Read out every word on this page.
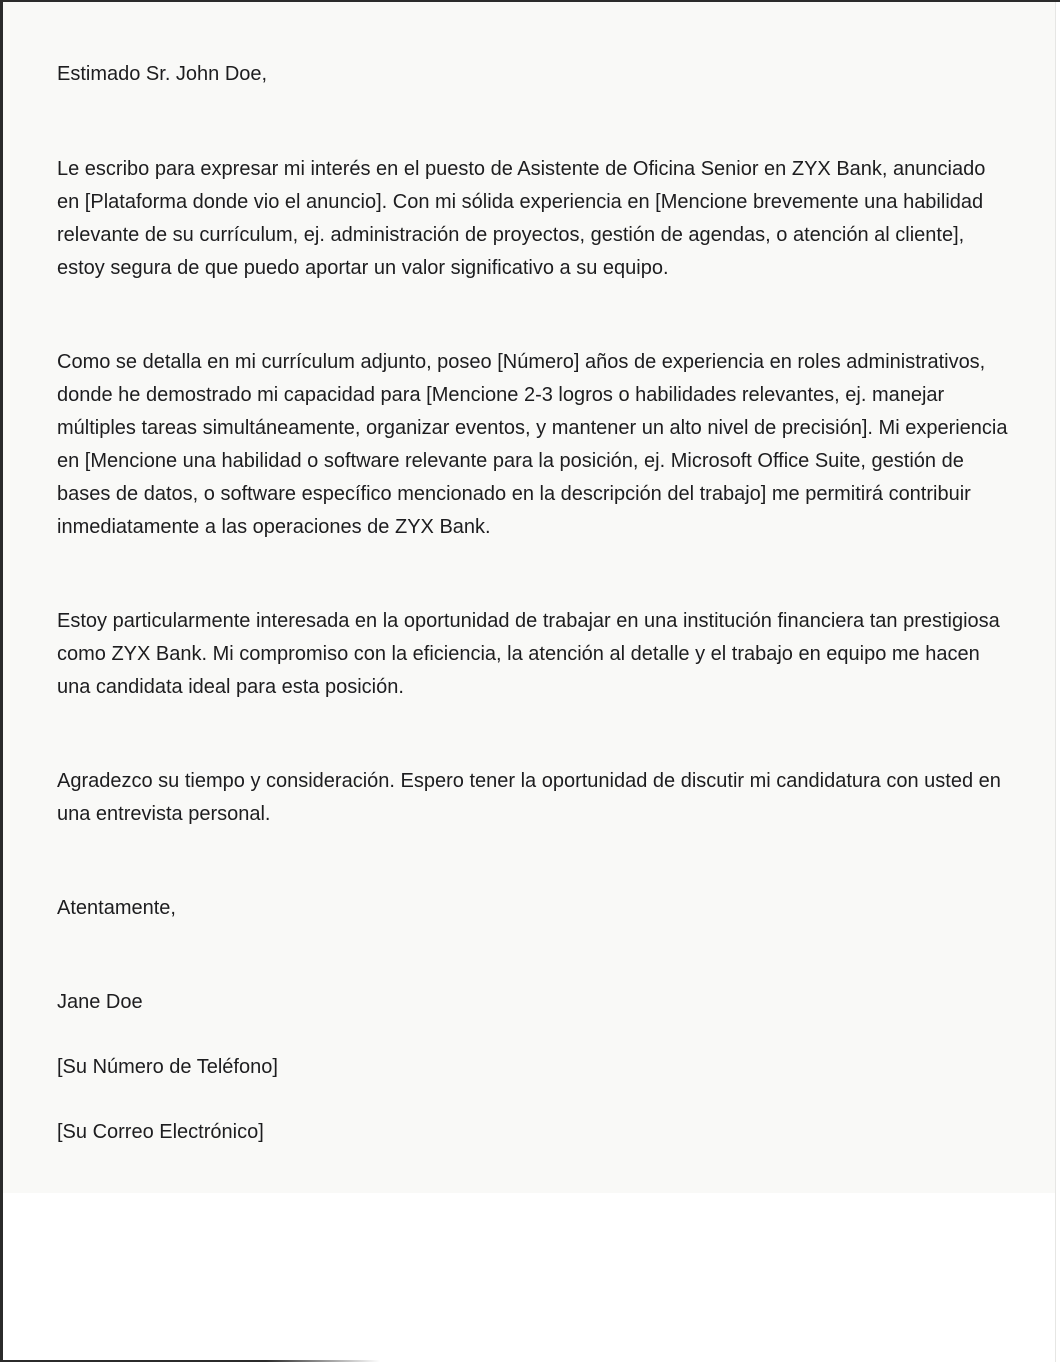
Estimado Sr. John Doe,

Le escribo para expresar mi interés en el puesto de Asistente de Oficina Senior en ZYX Bank, anunciado en [Plataforma donde vio el anuncio]. Con mi sólida experiencia en [Mencione brevemente una habilidad relevante de su currículum, ej. administración de proyectos, gestión de agendas, o atención al cliente], estoy segura de que puedo aportar un valor significativo a su equipo.

Como se detalla en mi currículum adjunto, poseo [Número] años de experiencia en roles administrativos, donde he demostrado mi capacidad para [Mencione 2-3 logros o habilidades relevantes, ej. manejar múltiples tareas simultáneamente, organizar eventos, y mantener un alto nivel de precisión]. Mi experiencia en [Mencione una habilidad o software relevante para la posición, ej. Microsoft Office Suite, gestión de bases de datos, o software específico mencionado en la descripción del trabajo] me permitirá contribuir inmediatamente a las operaciones de ZYX Bank.

Estoy particularmente interesada en la oportunidad de trabajar en una institución financiera tan prestigiosa como ZYX Bank. Mi compromiso con la eficiencia, la atención al detalle y el trabajo en equipo me hacen una candidata ideal para esta posición.

Agradezco su tiempo y consideración. Espero tener la oportunidad de discutir mi candidatura con usted en una entrevista personal.

Atentamente,

Jane Doe

[Su Número de Teléfono]

[Su Correo Electrónico]
